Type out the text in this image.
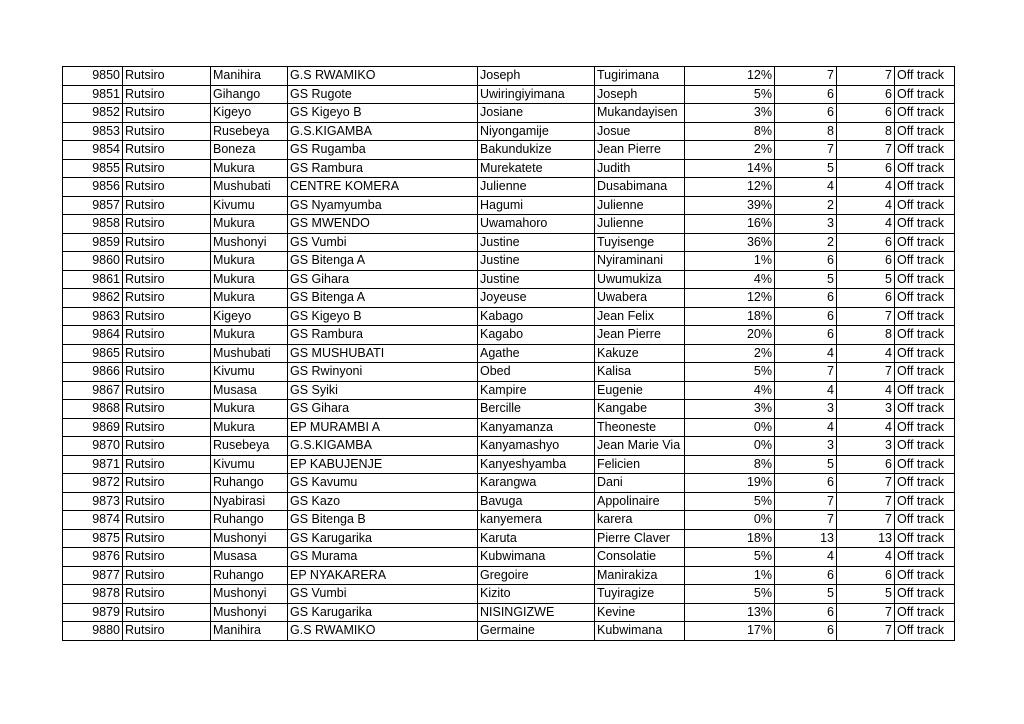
9850	Rutsiro	Manihira	G.S RWAMIKO	Joseph	Tugirimana	12%	7	7	Off track
9851	Rutsiro	Gihango	GS Rugote	Uwiringiyimana	Joseph	5%	6	6	Off track
9852	Rutsiro	Kigeyo	GS Kigeyo B	Josiane	Mukandayisen	3%	6	6	Off track
9853	Rutsiro	Rusebeya	G.S.KIGAMBA	Niyongamije	Josue	8%	8	8	Off track
9854	Rutsiro	Boneza	GS Rugamba	Bakundukize	Jean Pierre	2%	7	7	Off track
9855	Rutsiro	Mukura	GS Rambura	Murekatete	Judith	14%	5	6	Off track
9856	Rutsiro	Mushubati	CENTRE KOMERA	Julienne	Dusabimana	12%	4	4	Off track
9857	Rutsiro	Kivumu	GS Nyamyumba	Hagumi	Julienne	39%	2	4	Off track
9858	Rutsiro	Mukura	GS MWENDO	Uwamahoro	Julienne	16%	3	4	Off track
9859	Rutsiro	Mushonyi	GS Vumbi	Justine	Tuyisenge	36%	2	6	Off track
9860	Rutsiro	Mukura	GS Bitenga A	Justine	Nyiraminani	1%	6	6	Off track
9861	Rutsiro	Mukura	GS Gihara	Justine	Uwumukiza	4%	5	5	Off track
9862	Rutsiro	Mukura	GS Bitenga A	Joyeuse	Uwabera	12%	6	6	Off track
9863	Rutsiro	Kigeyo	GS Kigeyo B	Kabago	Jean Felix	18%	6	7	Off track
9864	Rutsiro	Mukura	GS Rambura	Kagabo	Jean Pierre	20%	6	8	Off track
9865	Rutsiro	Mushubati	GS MUSHUBATI	Agathe	Kakuze	2%	4	4	Off track
9866	Rutsiro	Kivumu	GS Rwinyoni	Obed	Kalisa	5%	7	7	Off track
9867	Rutsiro	Musasa	GS Syiki	Kampire	Eugenie	4%	4	4	Off track
9868	Rutsiro	Mukura	GS Gihara	Bercille	Kangabe	3%	3	3	Off track
9869	Rutsiro	Mukura	EP MURAMBI A	Kanyamanza	Theoneste	0%	4	4	Off track
9870	Rutsiro	Rusebeya	G.S.KIGAMBA	Kanyamashyo	Jean Marie Via	0%	3	3	Off track
9871	Rutsiro	Kivumu	EP KABUJENJE	Kanyeshyamba	Felicien	8%	5	6	Off track
9872	Rutsiro	Ruhango	GS Kavumu	Karangwa	Dani	19%	6	7	Off track
9873	Rutsiro	Nyabirasi	GS Kazo	Bavuga	Appolinaire	5%	7	7	Off track
9874	Rutsiro	Ruhango	GS Bitenga B	kanyemera	karera	0%	7	7	Off track
9875	Rutsiro	Mushonyi	GS Karugarika	Karuta	Pierre Claver	18%	13	13	Off track
9876	Rutsiro	Musasa	GS Murama	Kubwimana	Consolatie	5%	4	4	Off track
9877	Rutsiro	Ruhango	EP NYAKARERA	Gregoire	Manirakiza	1%	6	6	Off track
9878	Rutsiro	Mushonyi	GS Vumbi	Kizito	Tuyiragize	5%	5	5	Off track
9879	Rutsiro	Mushonyi	GS Karugarika	NISINGIZWE	Kevine	13%	6	7	Off track
9880	Rutsiro	Manihira	G.S RWAMIKO	Germaine	Kubwimana	17%	6	7	Off track
